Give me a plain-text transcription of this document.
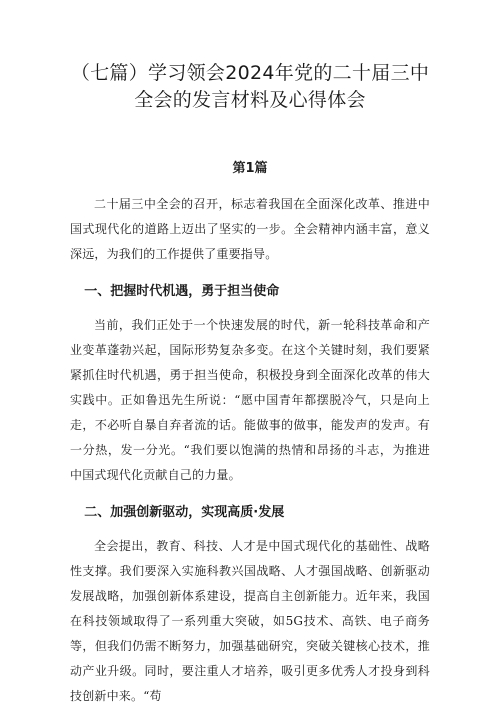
（七篇）学习领会2024年党的二十届三中
全会的发言材料及心得体会
第1篇

二十届三中全会的召开，标志着我国在全面深化改革、推进中国式现代化的道路上迈出了坚实的一步。全会精神内涵丰富，意义深远，为我们的工作提供了重要指导。

一、把握时代机遇，勇于担当使命

当前，我们正处于一个快速发展的时代，新一轮科技革命和产业变革蓬勃兴起，国际形势复杂多变。在这个关键时刻，我们要紧紧抓住时代机遇，勇于担当使命，积极投身到全面深化改革的伟大实践中。正如鲁迅先生所说：“愿中国青年都摆脱冷气，只是向上走，不必听自暴自弃者流的话。能做事的做事，能发声的发声。有一分热，发一分光。“我们要以饱满的热情和昂扬的斗志，为推进中国式现代化贡献自己的力量。

二、加强创新驱动，实现高质·发展

全会提出，教育、科技、人才是中国式现代化的基础性、战略性支撑。我们要深入实施科教兴国战略、人才强国战略、创新驱动发展战略，加强创新体系建设，提高自主创新能力。近年来，我国在科技领域取得了一系列重大突破，如5G技术、高铁、电子商务等，但我们仍需不断努力，加强基础研究，突破关键核心技术，推动产业升级。同时，要注重人才培养，吸引更多优秀人才投身到科技创新中来。“苟
